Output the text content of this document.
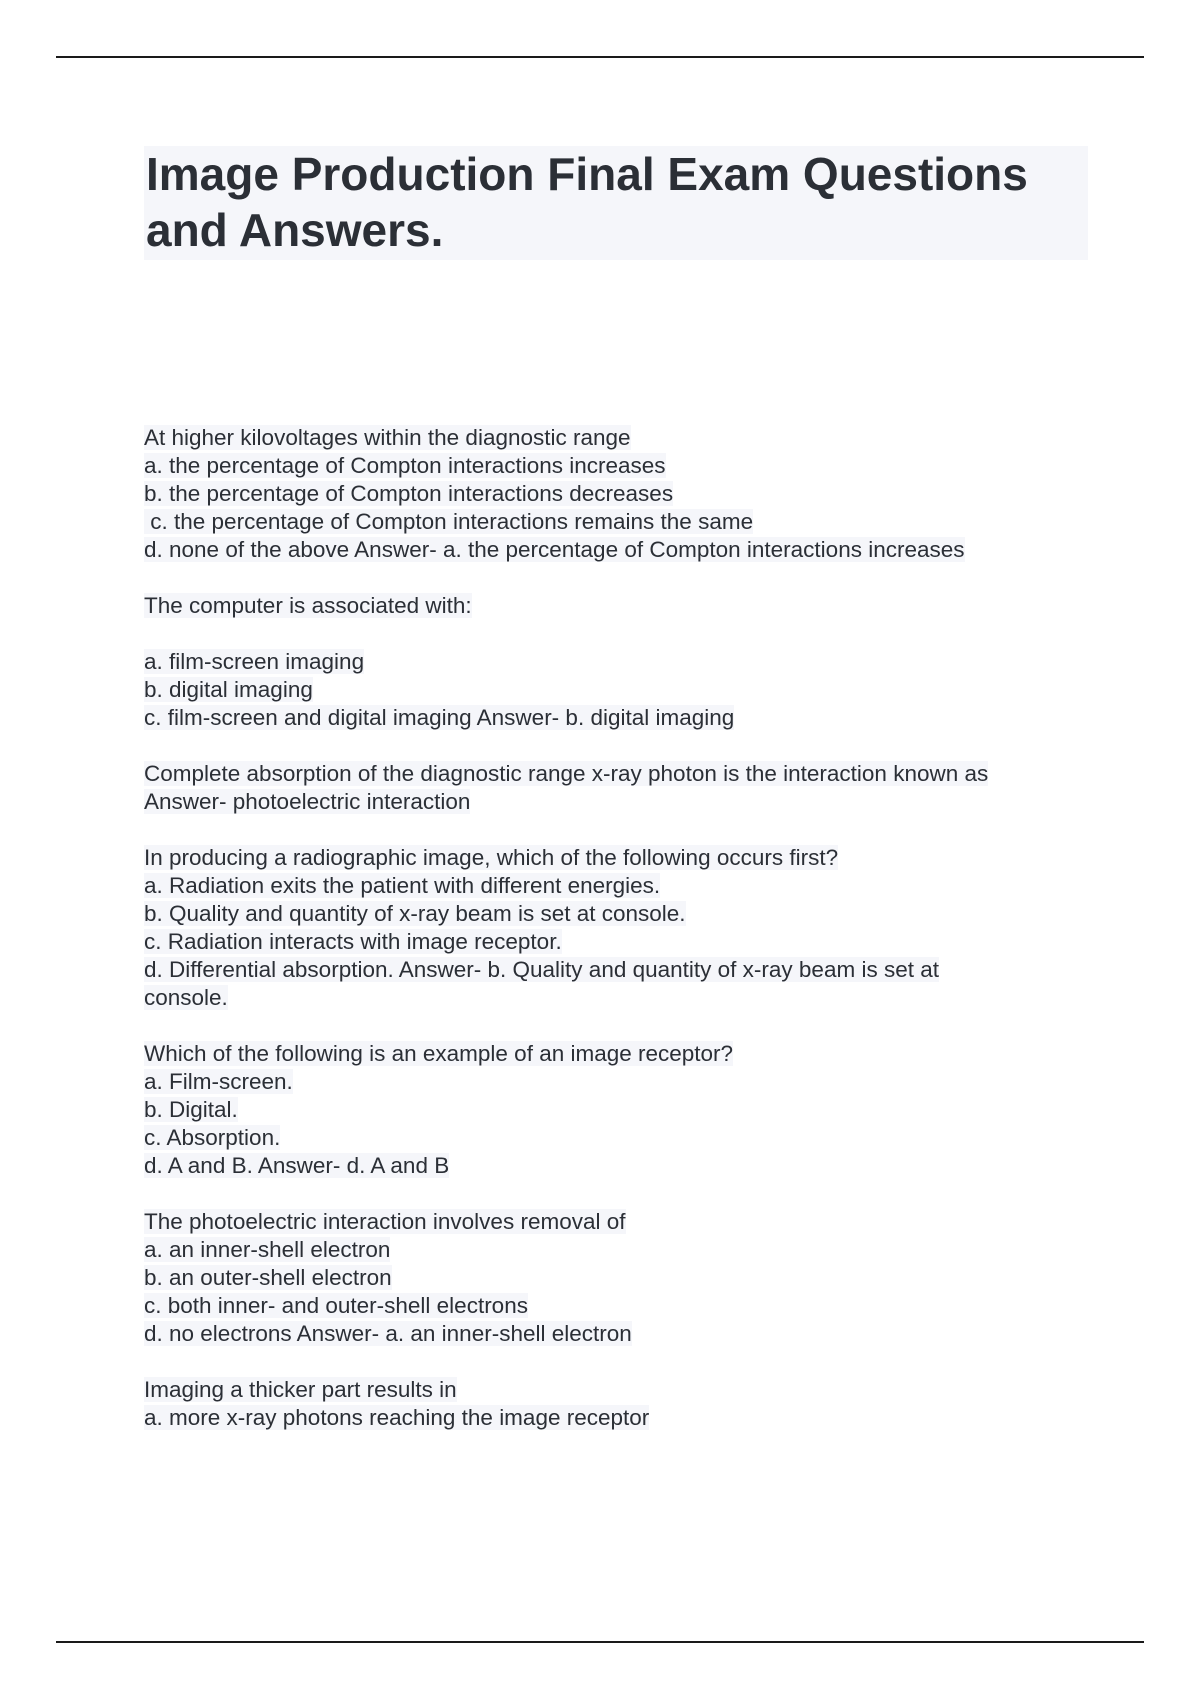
Image Production Final Exam Questions and Answers.
At higher kilovoltages within the diagnostic range
a. the percentage of Compton interactions increases
b. the percentage of Compton interactions decreases
c. the percentage of Compton interactions remains the same
d. none of the above Answer- a. the percentage of Compton interactions increases
The computer is associated with:
a. film-screen imaging
b. digital imaging
c. film-screen and digital imaging Answer- b. digital imaging
Complete absorption of the diagnostic range x-ray photon is the interaction known as
Answer- photoelectric interaction
In producing a radiographic image, which of the following occurs first?
a. Radiation exits the patient with different energies.
b. Quality and quantity of x-ray beam is set at console.
c. Radiation interacts with image receptor.
d. Differential absorption. Answer- b. Quality and quantity of x-ray beam is set at
console.
Which of the following is an example of an image receptor?
a. Film-screen.
b. Digital.
c. Absorption.
d. A and B. Answer- d. A and B
The photoelectric interaction involves removal of
a. an inner-shell electron
b. an outer-shell electron
c. both inner- and outer-shell electrons
d. no electrons Answer- a. an inner-shell electron
Imaging a thicker part results in
a. more x-ray photons reaching the image receptor
